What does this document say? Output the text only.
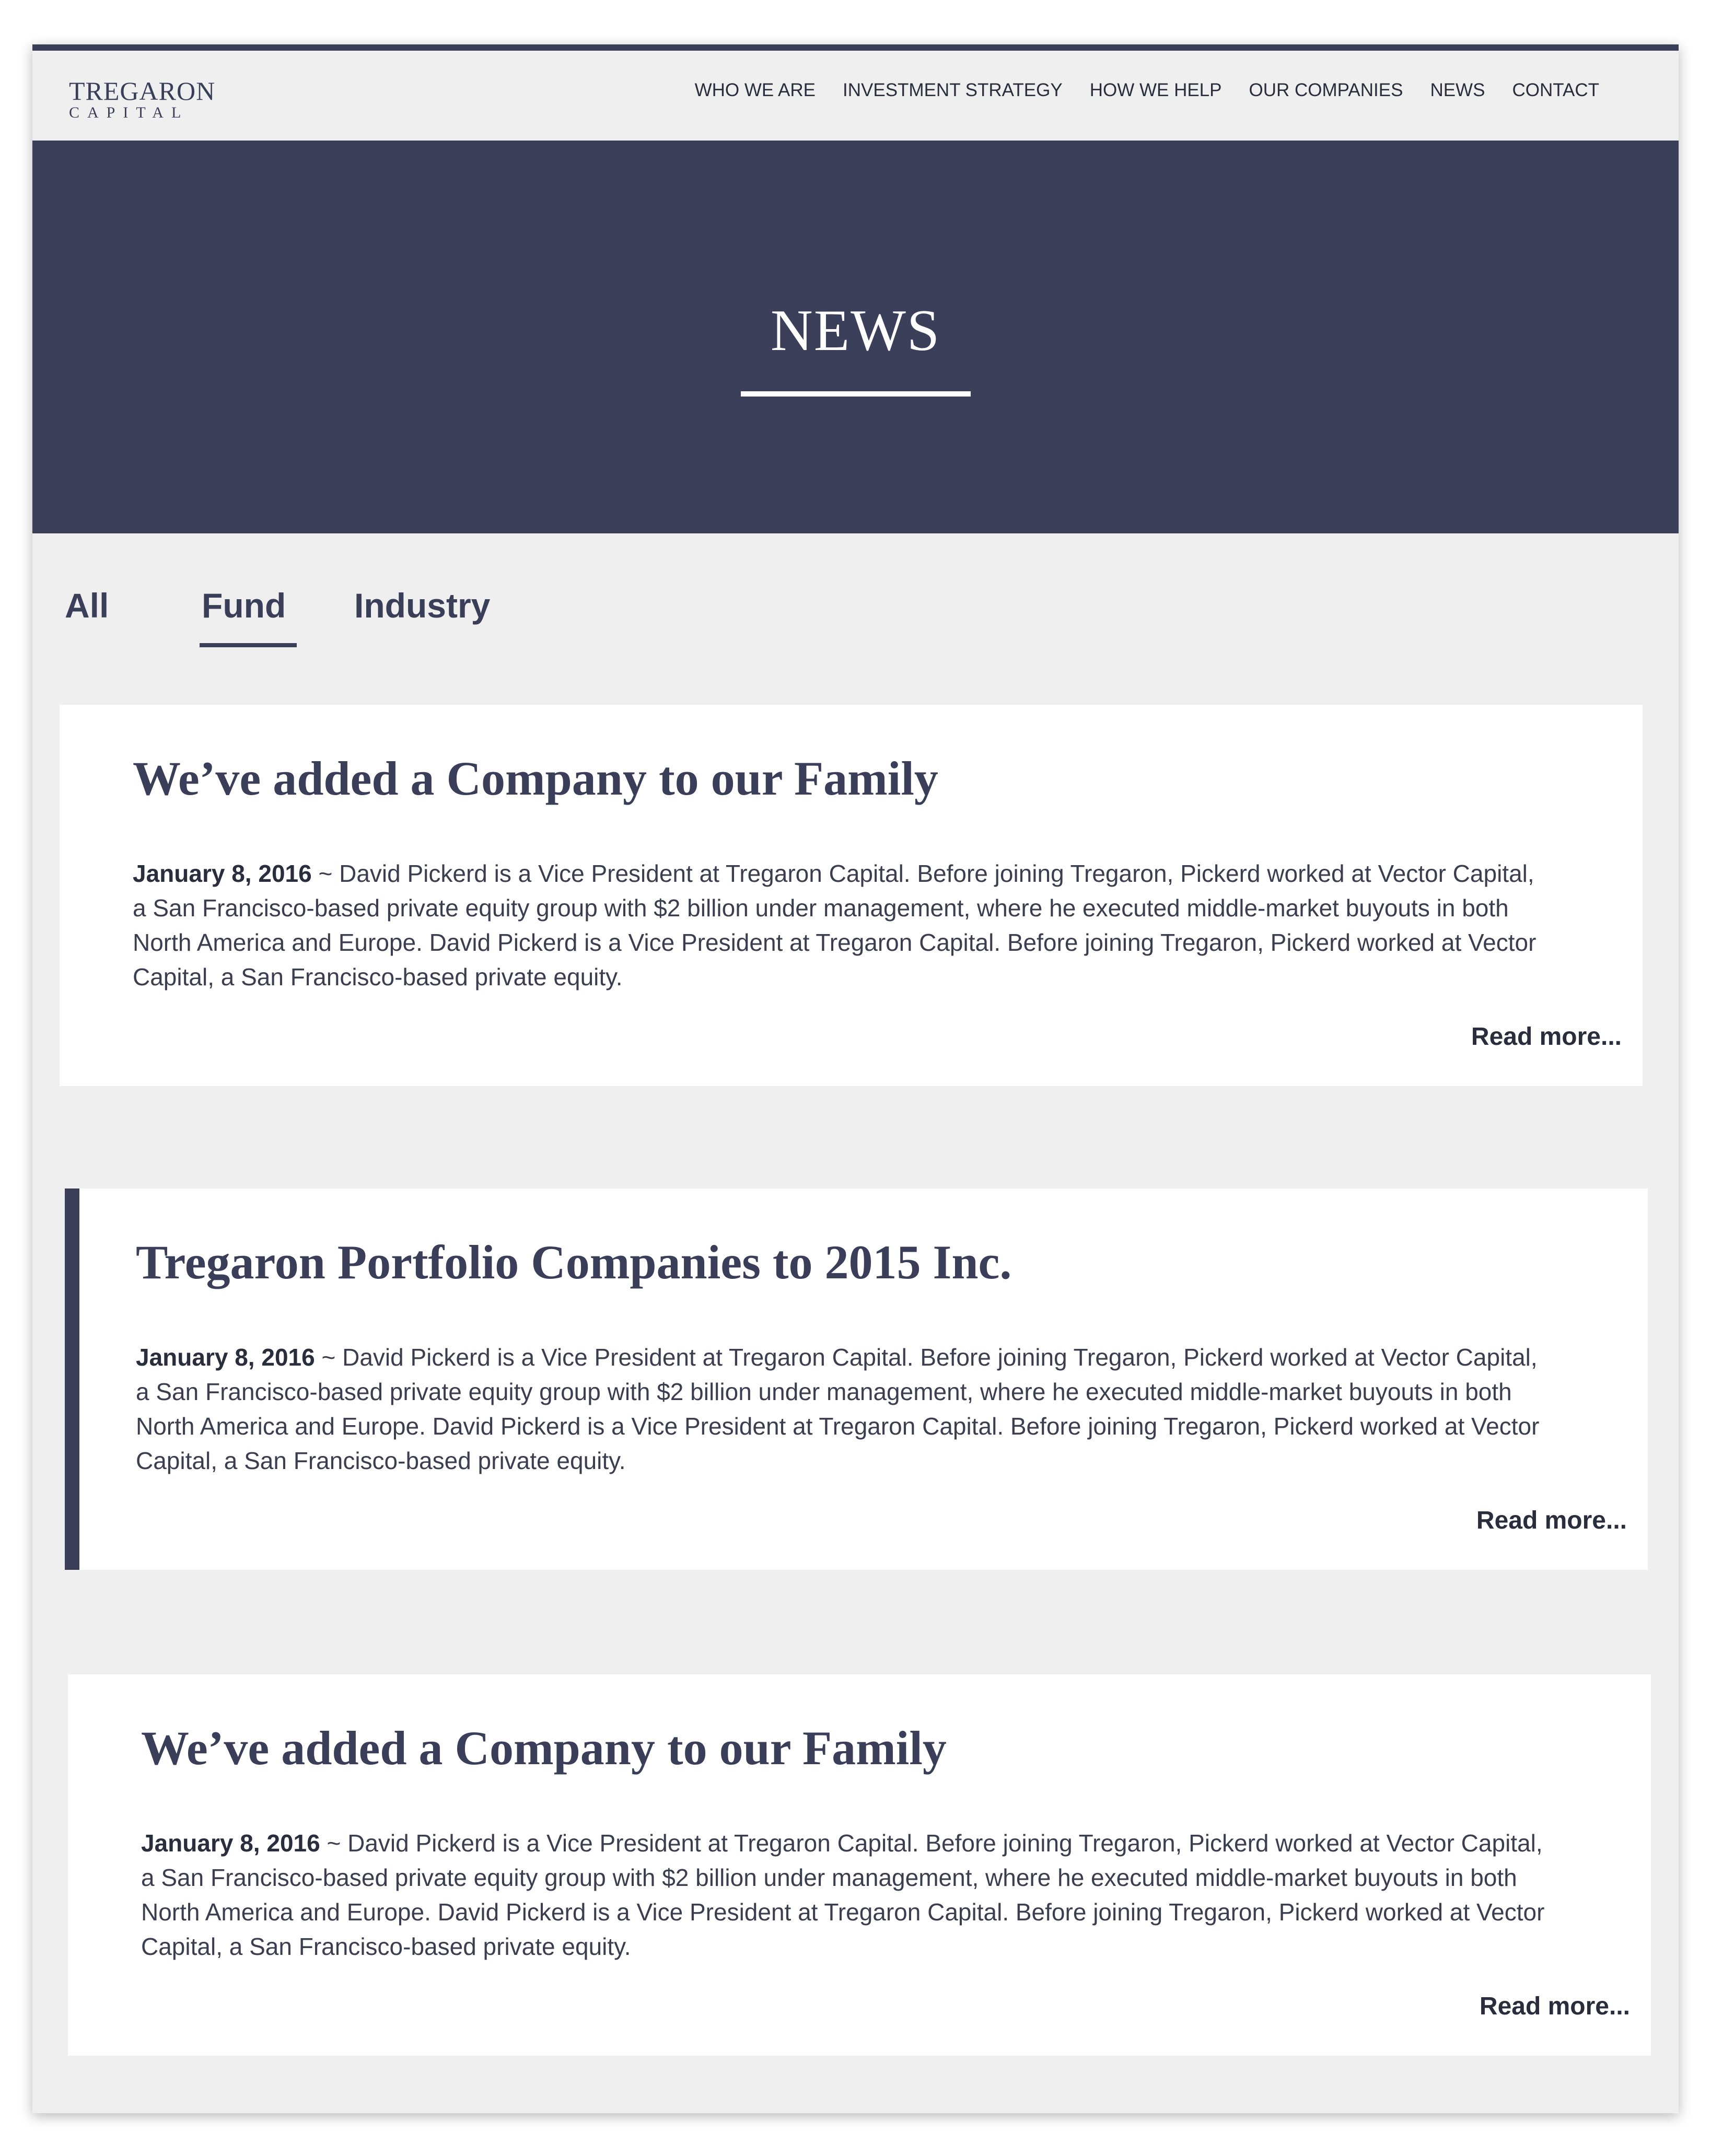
TREGARON
CAPITAL
WHO WE ARE INVESTMENT STRATEGY HOW WE HELP OUR COMPANIES NEWS CONTACT
NEWS
All	Fund Industry
We’ve added a Company to our Family
January 8, 2016 ~ David Pickerd is a Vice President at Tregaron Capital. Before joining Tregaron, Pickerd worked at Vector Capital, a San Francisco-based private equity group with $2 billion under management, where he executed middle-market buyouts in both North America and Europe. David Pickerd is a Vice President at Tregaron Capital. Before joining Tregaron, Pickerd worked at Vector Capital, a San Francisco-based private equity.
Read more...
Tregaron Portfolio Companies to 2015 Inc.
January 8, 2016 ~ David Pickerd is a Vice President at Tregaron Capital. Before joining Tregaron, Pickerd worked at Vector Capital, a San Francisco-based private equity group with $2 billion under management, where he executed middle-market buyouts in both North America and Europe. David Pickerd is a Vice President at Tregaron Capital. Before joining Tregaron, Pickerd worked at Vector Capital, a San Francisco-based private equity.
Read more...
We’ve added a Company to our Family
January 8, 2016 ~ David Pickerd is a Vice President at Tregaron Capital. Before joining Tregaron, Pickerd worked at Vector Capital, a San Francisco-based private equity group with $2 billion under management, where he executed middle-market buyouts in both North America and Europe. David Pickerd is a Vice President at Tregaron Capital. Before joining Tregaron, Pickerd worked at Vector Capital, a San Francisco-based private equity.
Read more...
